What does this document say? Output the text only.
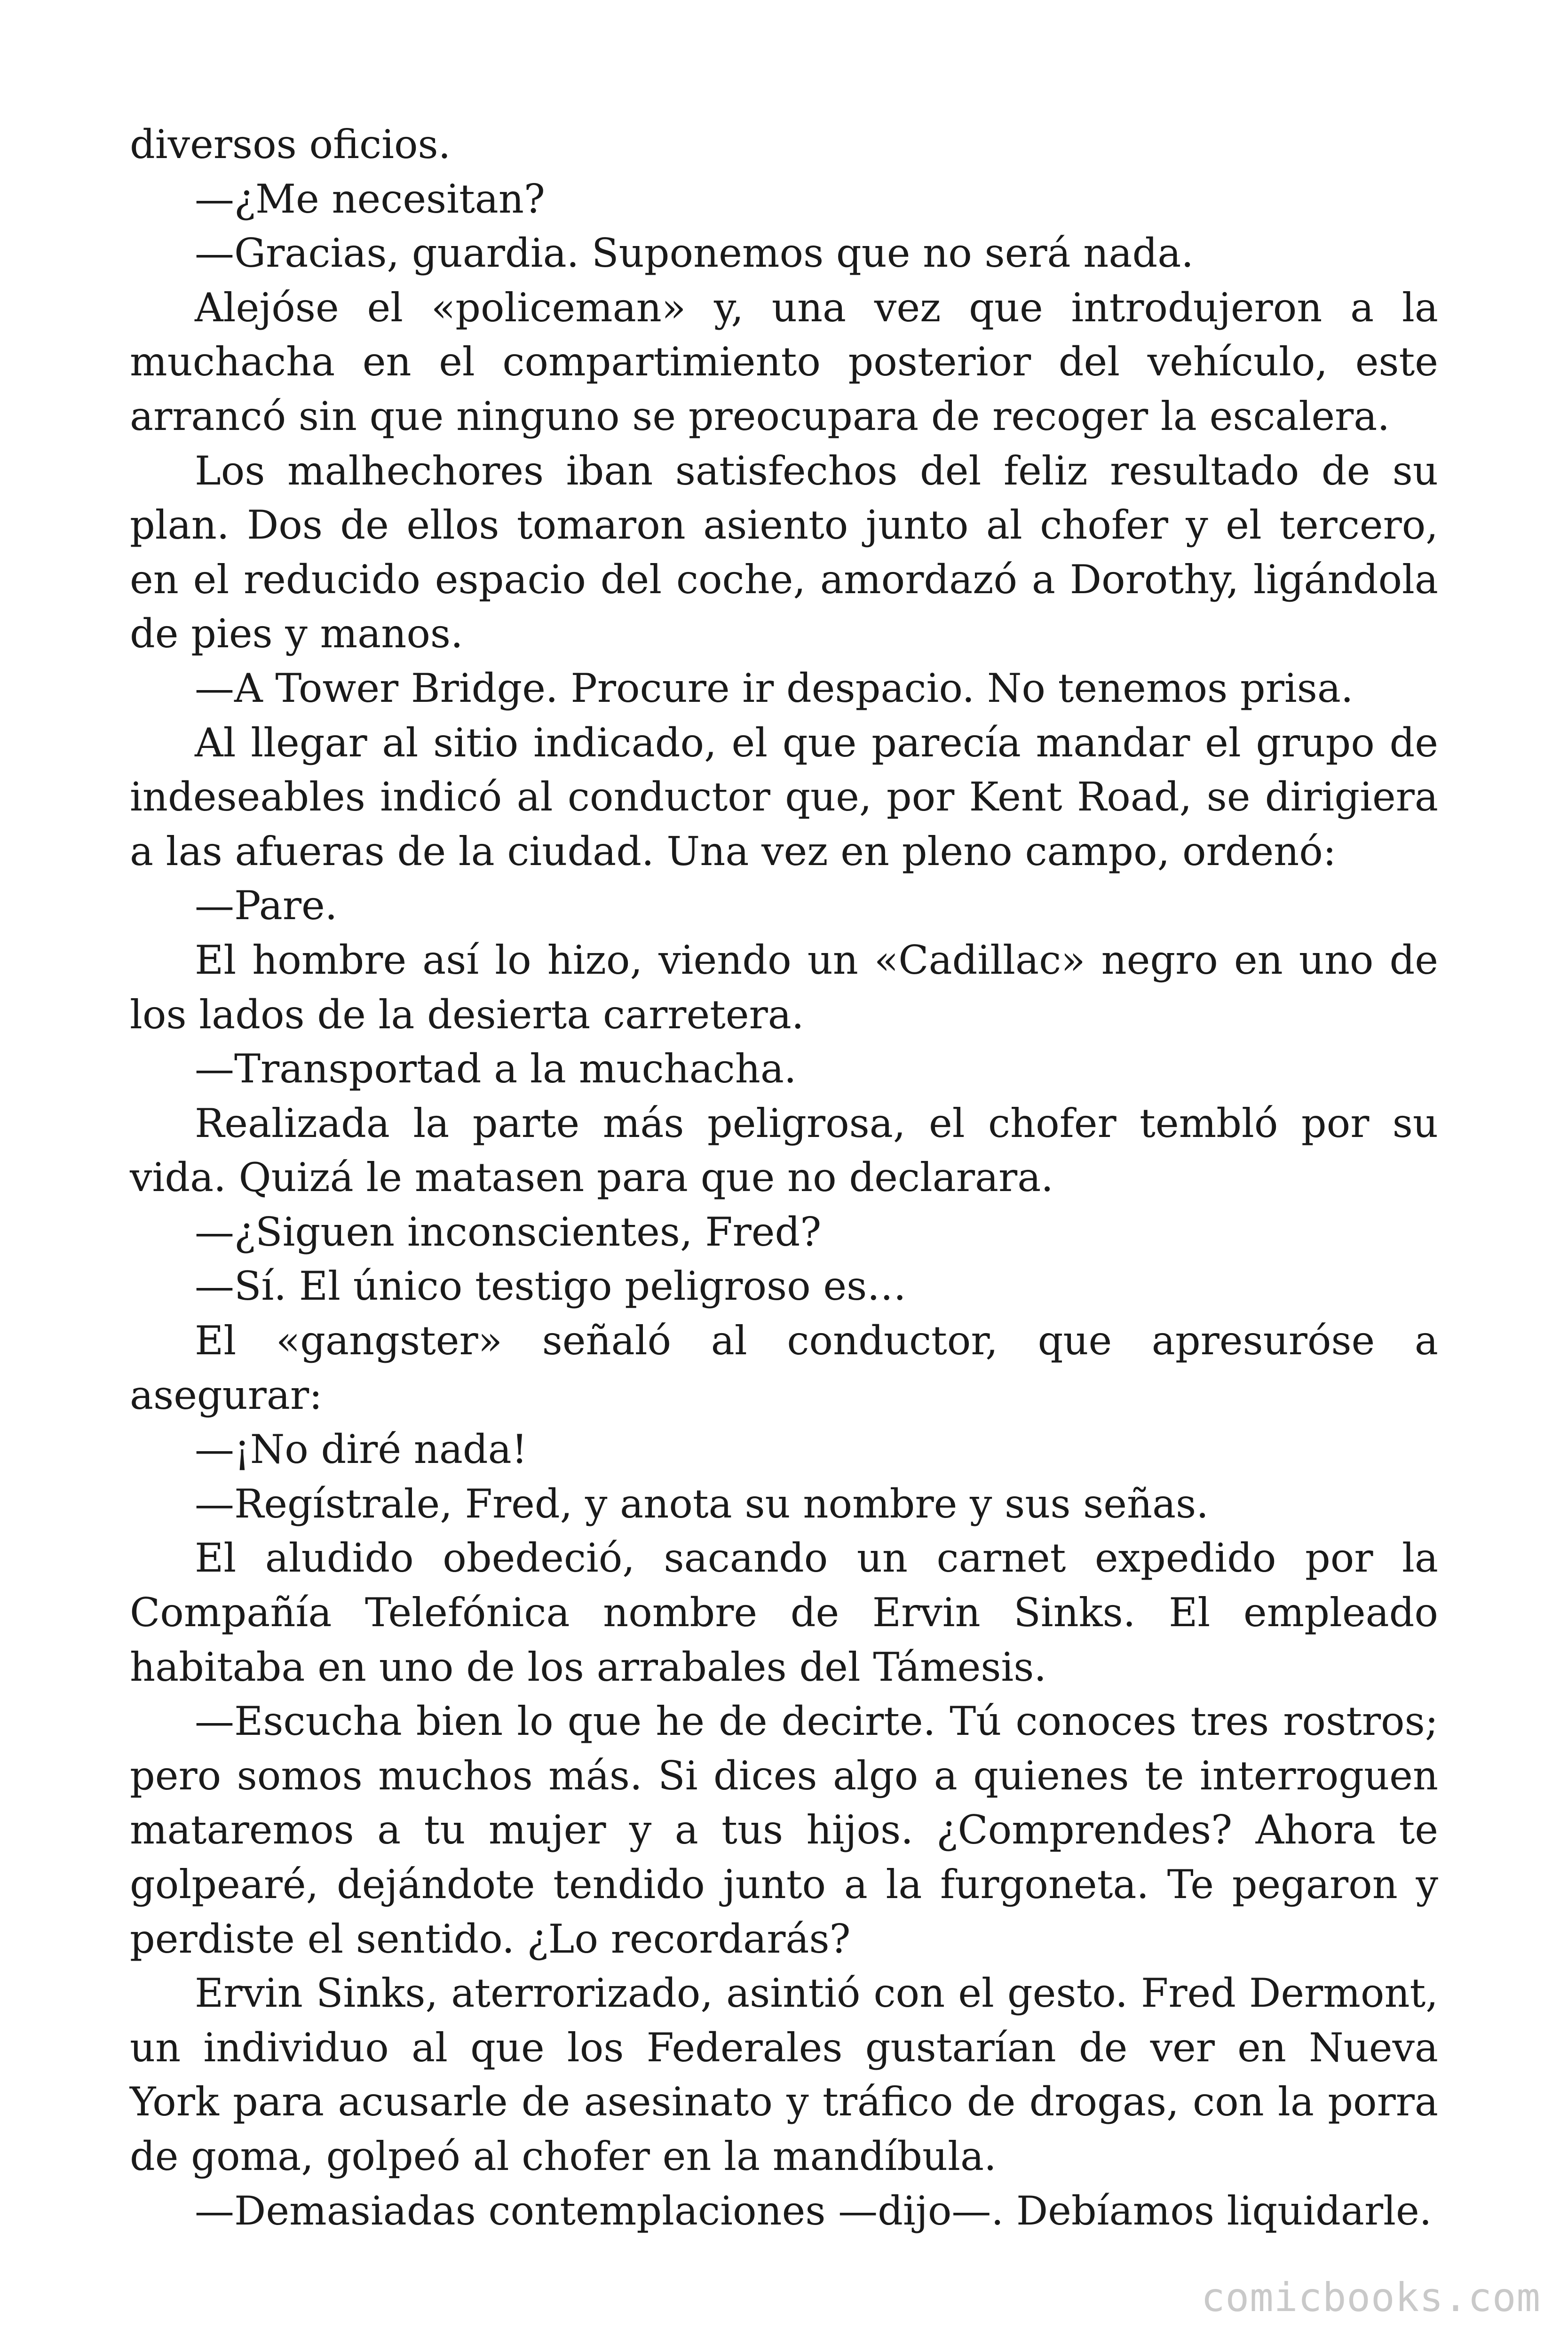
diversos oficios.

—¿Me necesitan?

—Gracias, guardia. Suponemos que no será nada.

Alejóse el «policeman» y, una vez que introdujeron a la muchacha en el compartimiento posterior del vehículo, este arrancó sin que ninguno se preocupara de recoger la escalera.

Los malhechores iban satisfechos del feliz resultado de su plan. Dos de ellos tomaron asiento junto al chofer y el tercero, en el reducido espacio del coche, amordazó a Dorothy, ligándola de pies y manos.

—A Tower Bridge. Procure ir despacio. No tenemos prisa.

Al llegar al sitio indicado, el que parecía mandar el grupo de indeseables indicó al conductor que, por Kent Road, se dirigiera a las afueras de la ciudad. Una vez en pleno campo, ordenó:

—Pare.

El hombre así lo hizo, viendo un «Cadillac» negro en uno de los lados de la desierta carretera.

—Transportad a la muchacha.

Realizada la parte más peligrosa, el chofer tembló por su vida. Quizá le matasen para que no declarara.

—¿Siguen inconscientes, Fred?

—Sí. El único testigo peligroso es…

El «gangster» señaló al conductor, que apresuróse a asegurar:

—¡No diré nada!

—Regístrale, Fred, y anota su nombre y sus señas.

El aludido obedeció, sacando un carnet expedido por la Compañía Telefónica nombre de Ervin Sinks. El empleado habitaba en uno de los arrabales del Támesis.

—Escucha bien lo que he de decirte. Tú conoces tres rostros; pero somos muchos más. Si dices algo a quienes te interroguen mataremos a tu mujer y a tus hijos. ¿Comprendes? Ahora te golpearé, dejándote tendido junto a la furgoneta. Te pegaron y perdiste el sentido. ¿Lo recordarás?

Ervin Sinks, aterrorizado, asintió con el gesto. Fred Dermont, un individuo al que los Federales gustarían de ver en Nueva York para acusarle de asesinato y tráfico de drogas, con la porra de goma, golpeó al chofer en la mandíbula.

—Demasiadas contemplaciones —dijo—. Debíamos liquidarle.

comicbooks.com
